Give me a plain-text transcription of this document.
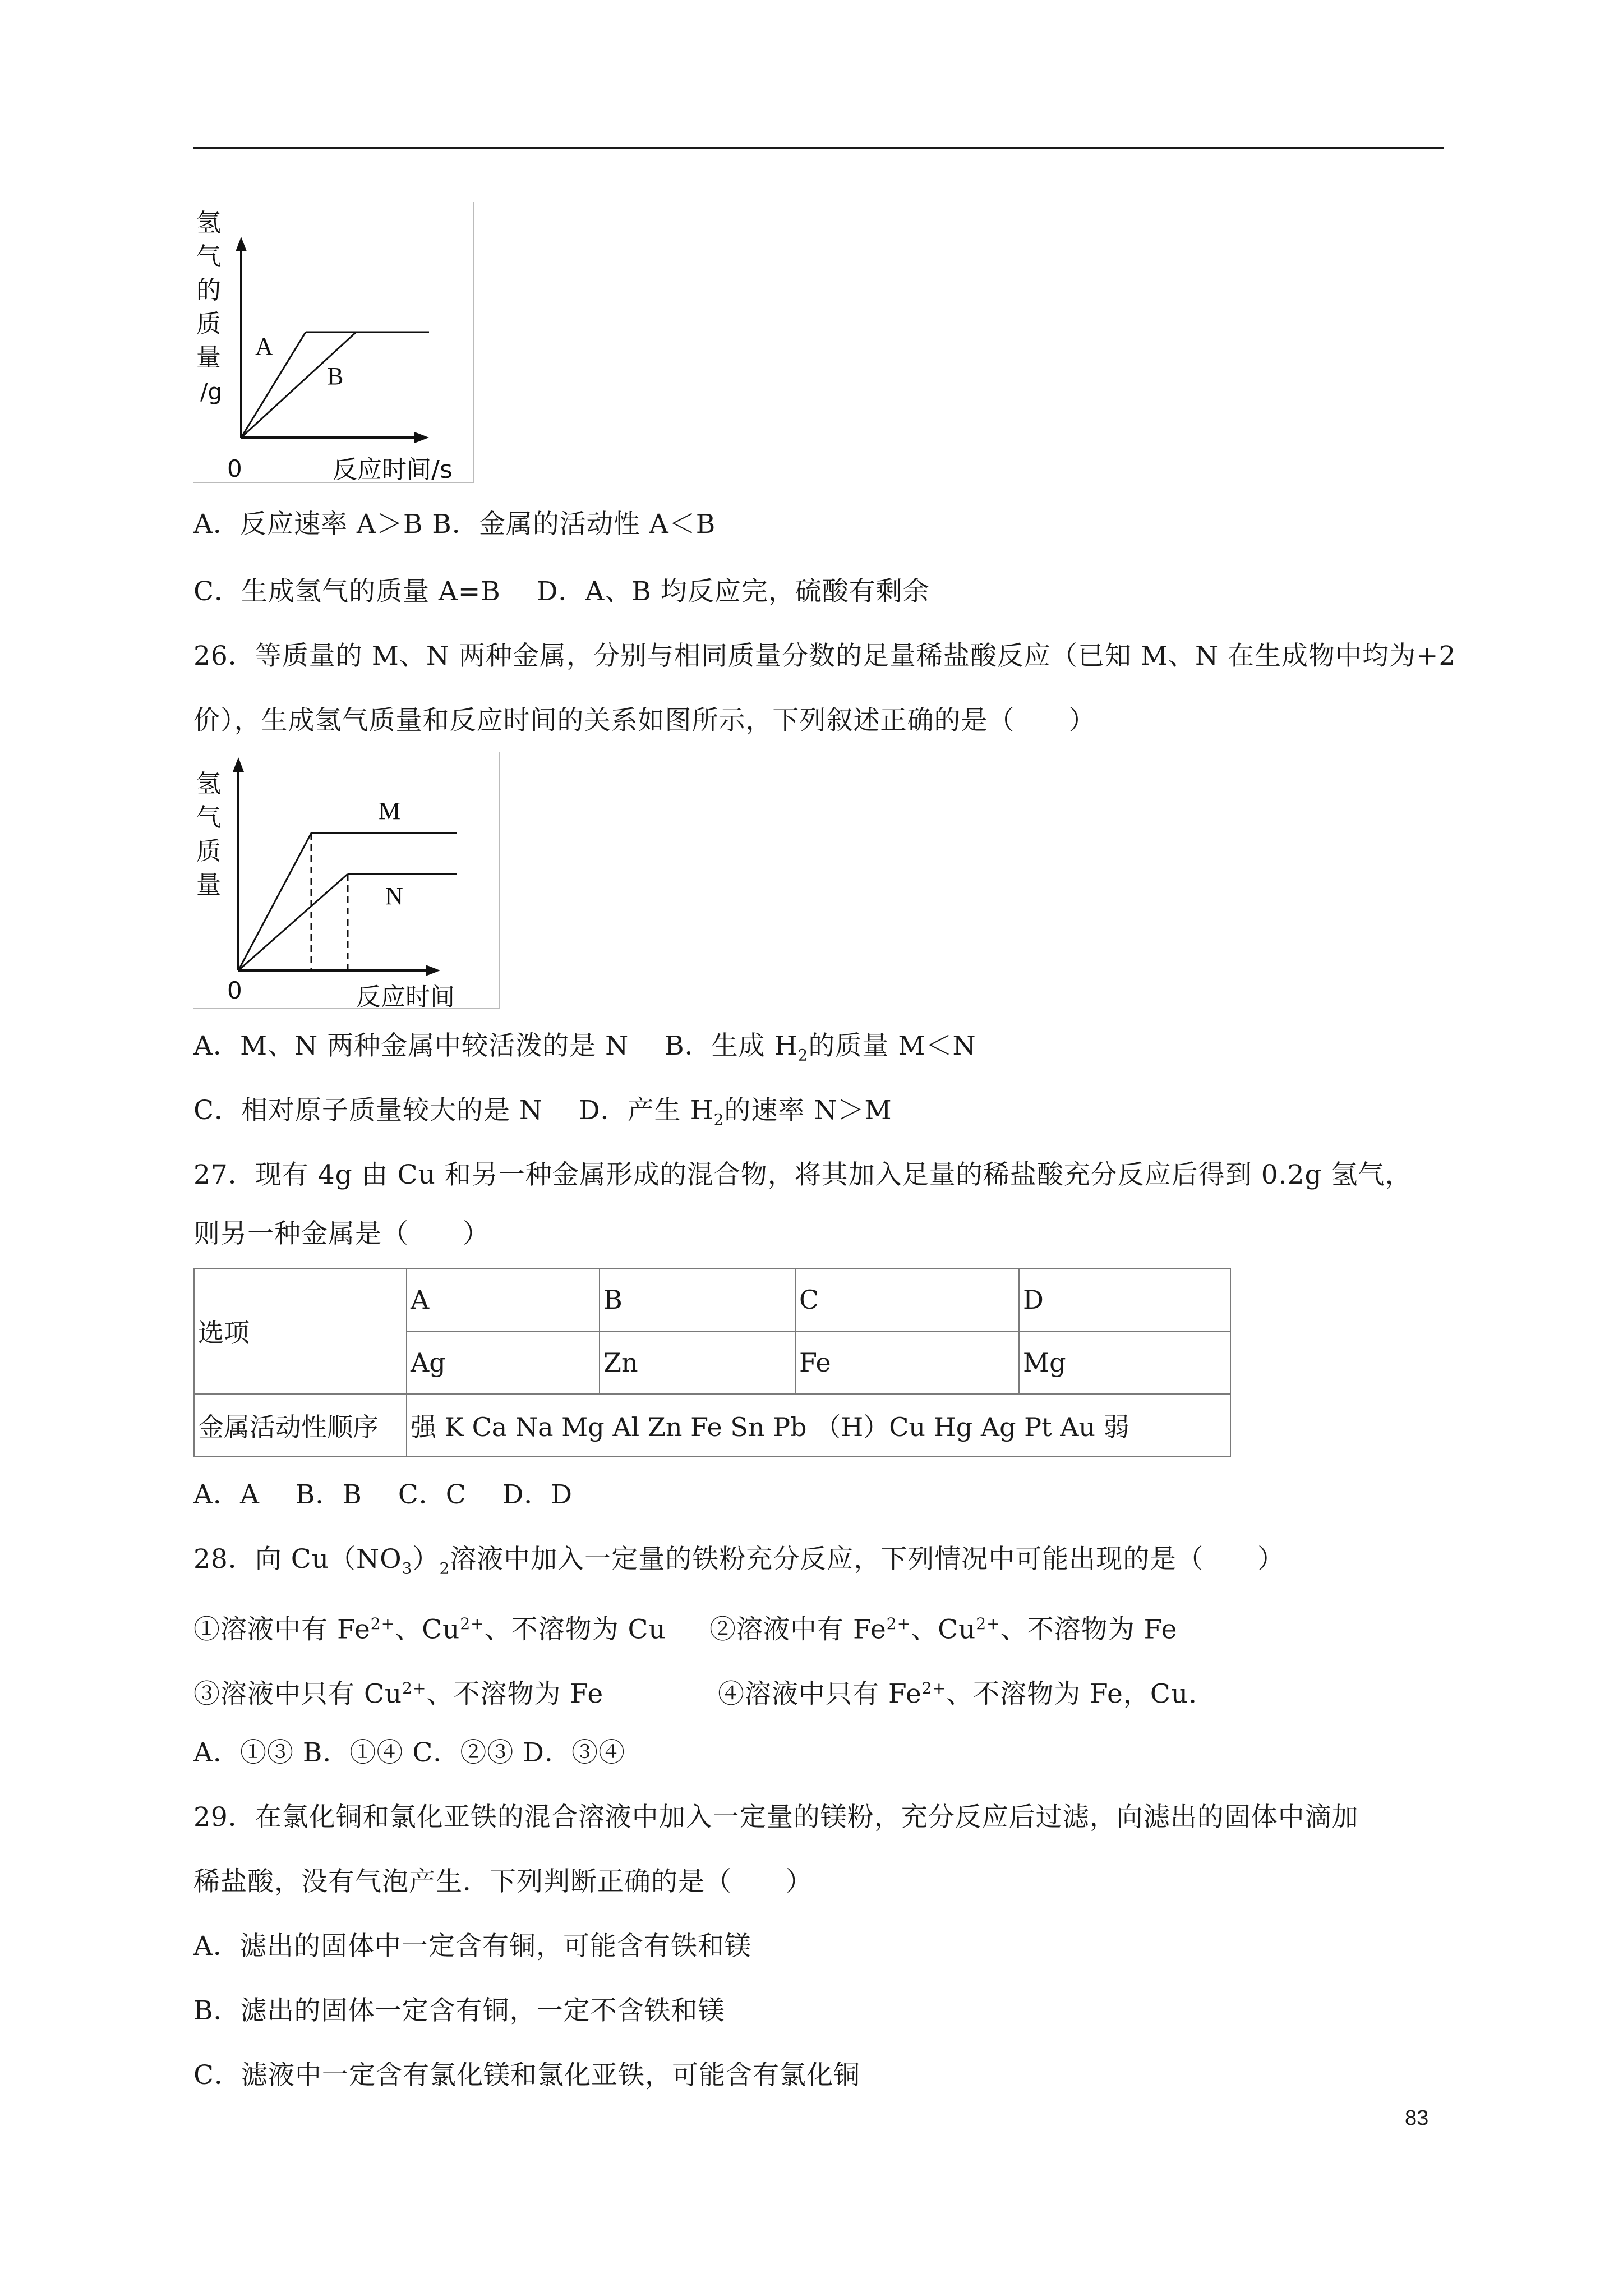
氢
气
的
质
量
/g
0	反应时间/s
A
B
A．反应速率 A＞B B．金属的活动性 A＜B
C．生成氢气的质量 A=B　 D．A、B 均反应完，硫酸有剩余
26．等质量的 M、N 两种金属，分别与相同质量分数的足量稀盐酸反应（已知 M、N 在生成物中均为+2
价），生成氢气质量和反应时间的关系如图所示，下列叙述正确的是（　　）
氢
气
质
量
0	反应时间
M
N
A．M、N 两种金属中较活泼的是 N　 B．生成 $H_2$的质量 M＜N
C．相对原子质量较大的是 N　 D．产生 $H_2$的速率 N＞M
27．现有 4g 由 Cu 和另一种金属形成的混合物，将其加入足量的稀盐酸充分反应后得到 0.2g 氢气，
则另一种金属是（　　）
选项	A	B	C	D
	Ag	Zn	Fe	Mg
金属活动性顺序	强 K Ca Na Mg Al Zn Fe Sn Pb （H）Cu Hg Ag Pt Au 弱			
A．A　 B．B　 C．C　 D．D
28．向 $Cu(NO_3)_2$溶液中加入一定量的铁粉充分反应，下列情况中可能出现的是（　　）
①溶液中有 $Fe^{2+}$、$Cu^{2+}$、不溶物为 Cu ②溶液中有 $Fe^{2+}$、$Cu^{2+}$、不溶物为 Fe
③溶液中只有 $Cu^{2+}$、不溶物为 Fe	④溶液中只有 $Fe^{2+}$、不溶物为 Fe，Cu.
A．①③ B．①④ C．②③ D．③④
29．在氯化铜和氯化亚铁的混合溶液中加入一定量的镁粉，充分反应后过滤，向滤出的固体中滴加
稀盐酸，没有气泡产生．下列判断正确的是（　　）
A．滤出的固体中一定含有铜，可能含有铁和镁
B．滤出的固体一定含有铜，一定不含铁和镁
C．滤液中一定含有氯化镁和氯化亚铁，可能含有氯化铜
83
